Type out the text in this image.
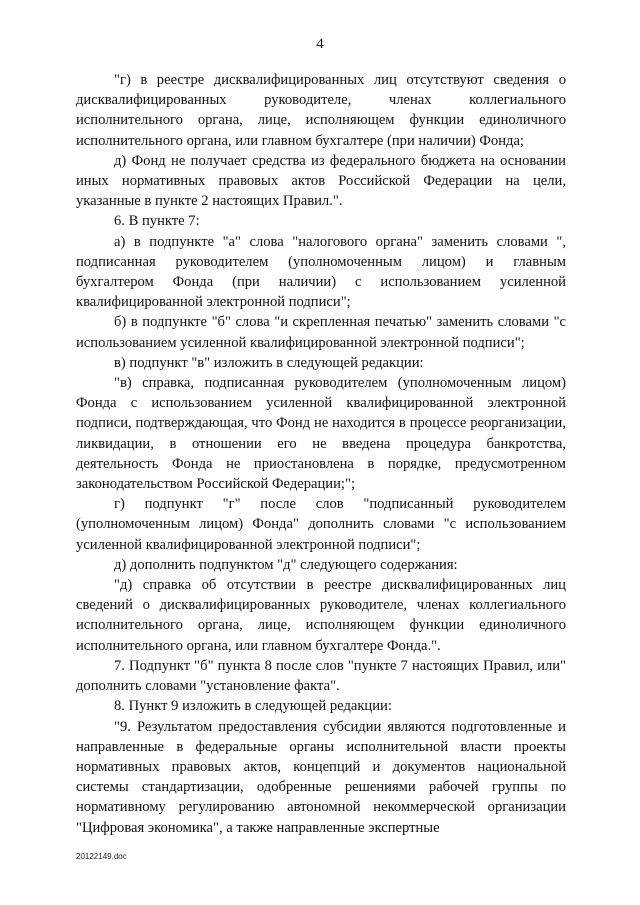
4

"г) в реестре дисквалифицированных лиц отсутствуют сведения о дисквалифицированных руководителе, членах коллегиального исполнительного органа, лице, исполняющем функции единоличного исполнительного органа, или главном бухгалтере (при наличии) Фонда;

д) Фонд не получает средства из федерального бюджета на основании иных нормативных правовых актов Российской Федерации на цели, указанные в пункте 2 настоящих Правил.".

6. В пункте 7:

а) в подпункте "а" слова "налогового органа" заменить словами ", подписанная руководителем (уполномоченным лицом) и главным бухгалтером Фонда (при наличии) с использованием усиленной квалифицированной электронной подписи";

б) в подпункте "б" слова "и скрепленная печатью" заменить словами "с использованием усиленной квалифицированной электронной подписи";

в) подпункт "в" изложить в следующей редакции:

"в) справка, подписанная руководителем (уполномоченным лицом) Фонда с использованием усиленной квалифицированной электронной подписи, подтверждающая, что Фонд не находится в процессе реорганизации, ликвидации, в отношении его не введена процедура банкротства, деятельность Фонда не приостановлена в порядке, предусмотренном законодательством Российской Федерации;";

г) подпункт "г" после слов "подписанный руководителем (уполномоченным лицом) Фонда" дополнить словами "с использованием усиленной квалифицированной электронной подписи";

д) дополнить подпунктом "д" следующего содержания:

"д) справка об отсутствии в реестре дисквалифицированных лиц сведений о дисквалифицированных руководителе, членах коллегиального исполнительного органа, лице, исполняющем функции единоличного исполнительного органа, или главном бухгалтере Фонда.".

7. Подпункт "б" пункта 8 после слов "пункте 7 настоящих Правил, или" дополнить словами "установление факта".

8. Пункт 9 изложить в следующей редакции:

"9. Результатом предоставления субсидии являются подготовленные и направленные в федеральные органы исполнительной власти проекты нормативных правовых актов, концепций и документов национальной системы стандартизации, одобренные решениями рабочей группы по нормативному регулированию автономной некоммерческой организации "Цифровая экономика", а также направленные экспертные

20122149.doc
